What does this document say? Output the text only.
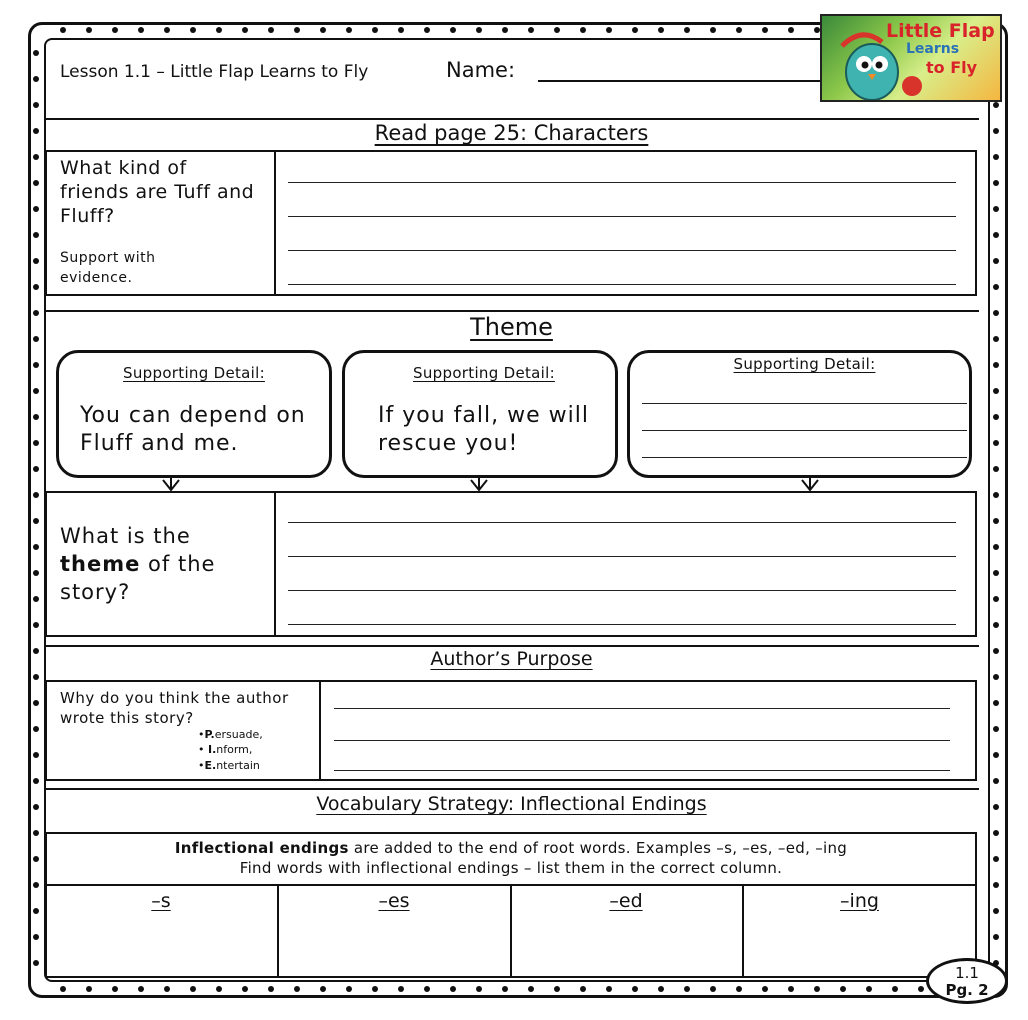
Lesson 1.1 – Little Flap Learns to Fly	Name:
Little Flap
Learns
to Fly
Read page 25: Characters
What kind of friends are Tuff and Fluff?
Support with evidence.
Theme
Supporting Detail:
You can depend on Fluff and me.
Supporting Detail:
If you fall, we will rescue you!
Supporting Detail:
What is the theme of the story?
Author’s Purpose
Why do you think the author wrote this story?
•P.ersuade,
• I.nform,
•E.ntertain
Vocabulary Strategy: Inflectional Endings
Inflectional endings are added to the end of root words. Examples –s, –es, –ed, –ing
Find words with inflectional endings – list them in the correct column.
–s	–es	–ed	–ing
1.1
Pg. 2
